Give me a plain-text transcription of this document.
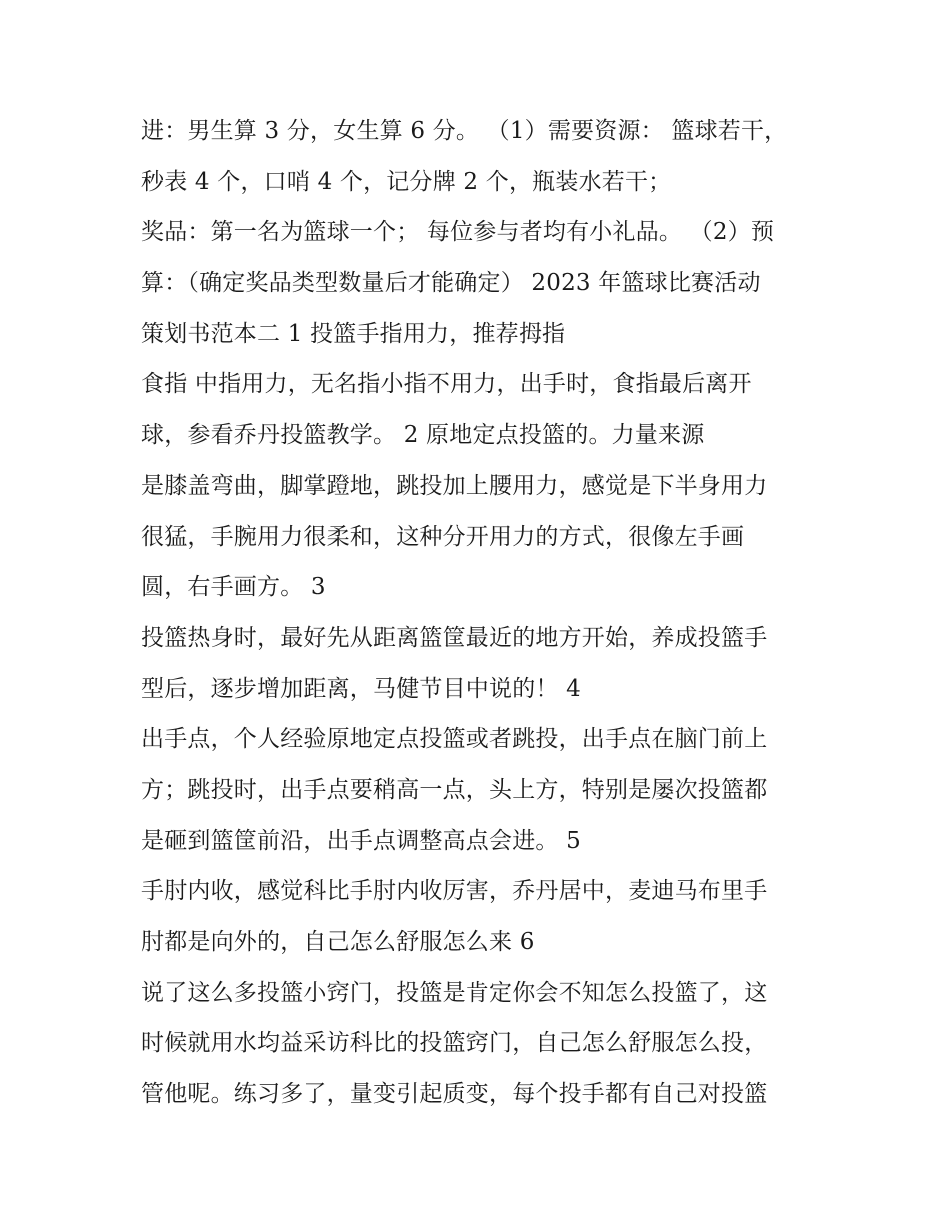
进：男生算 3 分，女生算 6 分。 （1）需要资源： 篮球若干，
秒表 4 个，口哨 4 个，记分牌 2 个，瓶装水若干；
奖品：第一名为篮球一个； 每位参与者均有小礼品。 （2）预
算：（确定奖品类型数量后才能确定） 2023 年篮球比赛活动
策划书范本二 1 投篮手指用力，推荐拇指
食指 中指用力，无名指小指不用力，出手时，食指最后离开
球，参看乔丹投篮教学。 2 原地定点投篮的。力量来源
是膝盖弯曲，脚掌蹬地，跳投加上腰用力，感觉是下半身用力
很猛，手腕用力很柔和，这种分开用力的方式，很像左手画
圆，右手画方。 3
投篮热身时，最好先从距离篮筐最近的地方开始，养成投篮手
型后，逐步增加距离，马健节目中说的！ 4
出手点，个人经验原地定点投篮或者跳投，出手点在脑门前上
方；跳投时，出手点要稍高一点，头上方，特别是屡次投篮都
是砸到篮筐前沿，出手点调整高点会进。 5
手肘内收，感觉科比手肘内收厉害，乔丹居中，麦迪马布里手
肘都是向外的，自己怎么舒服怎么来 6
说了这么多投篮小窍门，投篮是肯定你会不知怎么投篮了，这
时候就用水均益采访科比的投篮窍门，自己怎么舒服怎么投，
管他呢。练习多了，量变引起质变，每个投手都有自己对投篮
